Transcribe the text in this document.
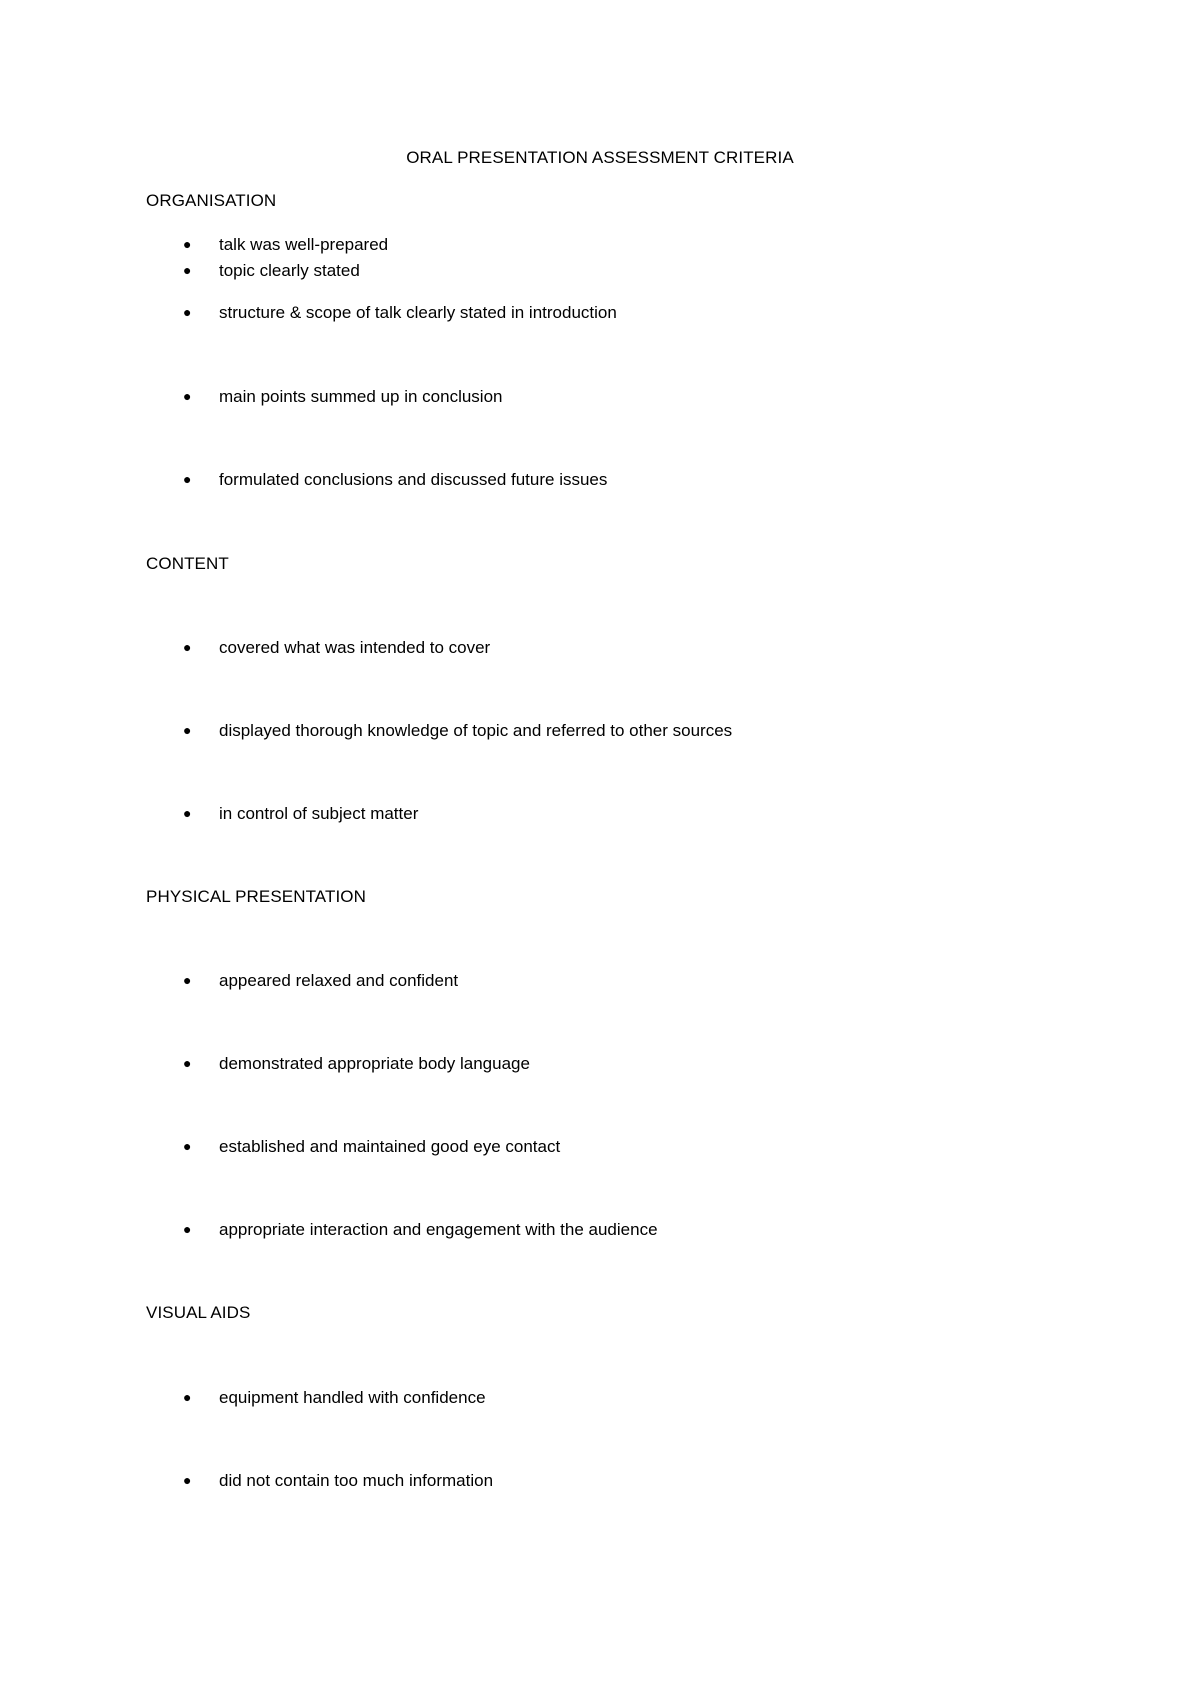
ORAL PRESENTATION ASSESSMENT CRITERIA
ORGANISATION
● talk was well-prepared
● topic clearly stated
● structure & scope of talk clearly stated in introduction
● main points summed up in conclusion
● formulated conclusions and discussed future issues
CONTENT
● covered what was intended to cover
● displayed thorough knowledge of topic and referred to other sources
● in control of subject matter
PHYSICAL PRESENTATION
● appeared relaxed and confident
● demonstrated appropriate body language
● established and maintained good eye contact
● appropriate interaction and engagement with the audience
VISUAL AIDS
● equipment handled with confidence
● did not contain too much information
